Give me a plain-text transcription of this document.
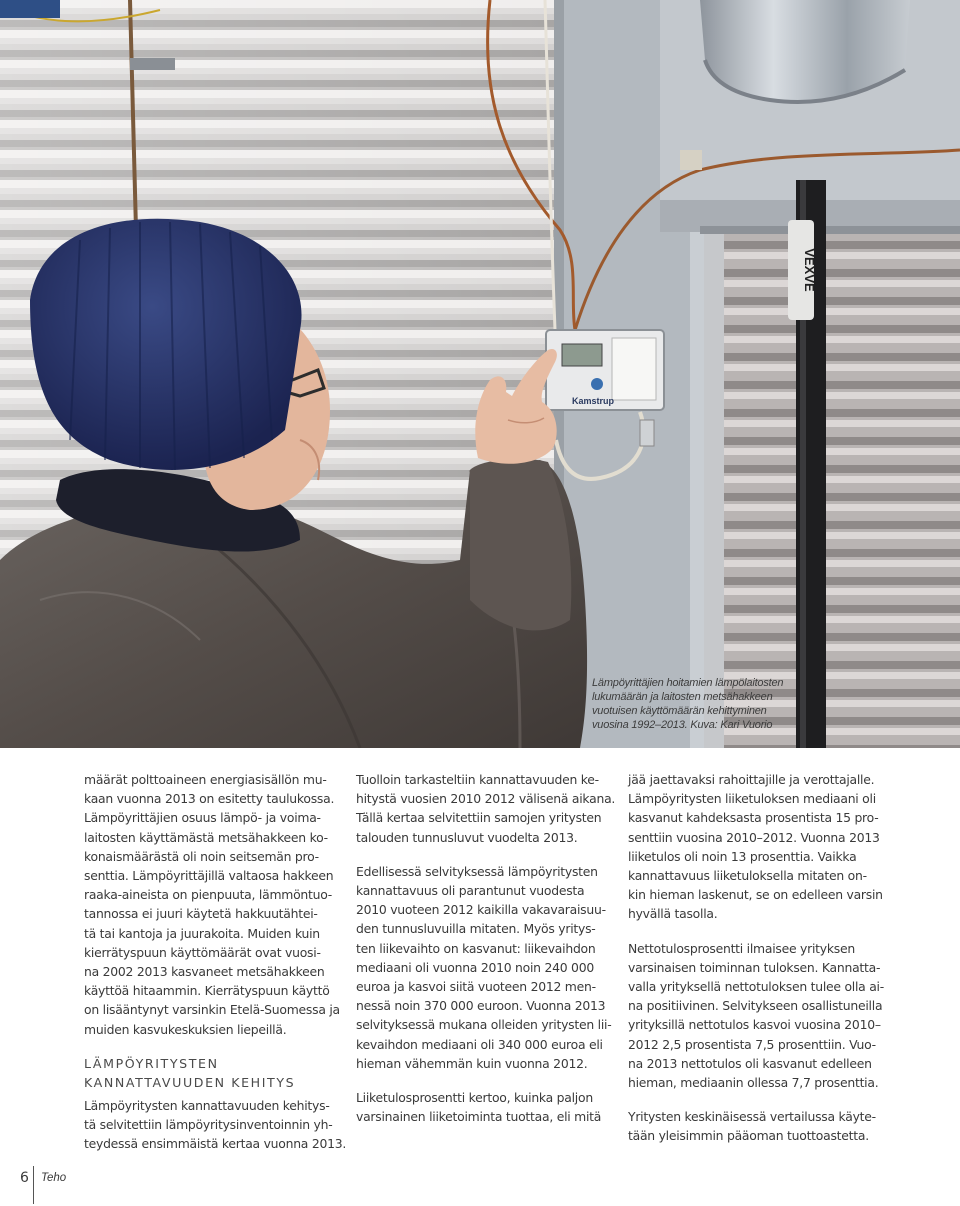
VEXVE
Kamstrup
Lämpöyrittäjien hoitamien lämpölaitosten
lukumäärän ja laitosten metsähakkeen
vuotuisen käyttömäärän kehittyminen
vuosina 1992–2013. Kuva: Kari Vuorio
määrät polttoaineen energiasisällön mu-
kaan vuonna 2013 on esitetty taulukossa.
Lämpöyrittäjien osuus lämpö- ja voima-
laitosten käyttämästä metsähakkeen ko-
konaismäärästä oli noin seitsemän pro-
senttia. Lämpöyrittäjillä valtaosa hakkeen
raaka-aineista on pienpuuta, lämmöntuo-
tannossa ei juuri käytetä hakkuutähtei-
tä tai kantoja ja juurakoita. Muiden kuin
kierrätyspuun käyttömäärät ovat vuosi-
na 2002 2013 kasvaneet metsähakkeen
käyttöä hitaammin. Kierrätyspuun käyttö
on lisääntynyt varsinkin Etelä-Suomessa ja
muiden kasvukeskuksien liepeillä.
LÄMPÖYRITYSTEN
KANNATTAVUUDEN KEHITYS
Lämpöyritysten kannattavuuden kehitys-
tä selvitettiin lämpöyritysinventoinnin yh-
teydessä ensimmäistä kertaa vuonna 2013.
Tuolloin tarkasteltiin kannattavuuden ke-
hitystä vuosien 2010 2012 välisenä aikana.
Tällä kertaa selvitettiin samojen yritysten
talouden tunnusluvut vuodelta 2013.
Edellisessä selvityksessä lämpöyritysten
kannattavuus oli parantunut vuodesta
2010 vuoteen 2012 kaikilla vakavaraisuu-
den tunnusluvuilla mitaten. Myös yritys-
ten liikevaihto on kasvanut: liikevaihdon
mediaani oli vuonna 2010 noin 240 000
euroa ja kasvoi siitä vuoteen 2012 men-
nessä noin 370 000 euroon. Vuonna 2013
selvityksessä mukana olleiden yritysten lii-
kevaihdon mediaani oli 340 000 euroa eli
hieman vähemmän kuin vuonna 2012.
Liiketulosprosentti kertoo, kuinka paljon
varsinainen liiketoiminta tuottaa, eli mitä
jää jaettavaksi rahoittajille ja verottajalle.
Lämpöyritysten liiketuloksen mediaani oli
kasvanut kahdeksasta prosentista 15 pro-
senttiin vuosina 2010–2012. Vuonna 2013
liiketulos oli noin 13 prosenttia. Vaikka
kannattavuus liiketuloksella mitaten on-
kin hieman laskenut, se on edelleen varsin
hyvällä tasolla.
Nettotulosprosentti ilmaisee yrityksen
varsinaisen toiminnan tuloksen. Kannatta-
valla yrityksellä nettotuloksen tulee olla ai-
na positiivinen. Selvitykseen osallistuneilla
yrityksillä nettotulos kasvoi vuosina 2010–
2012 2,5 prosentista 7,5 prosenttiin. Vuo-
na 2013 nettotulos oli kasvanut edelleen
hieman, mediaanin ollessa 7,7 prosenttia.
Yritysten keskinäisessä vertailussa käyte-
tään yleisimmin pääoman tuottoastetta.
6 Teho
